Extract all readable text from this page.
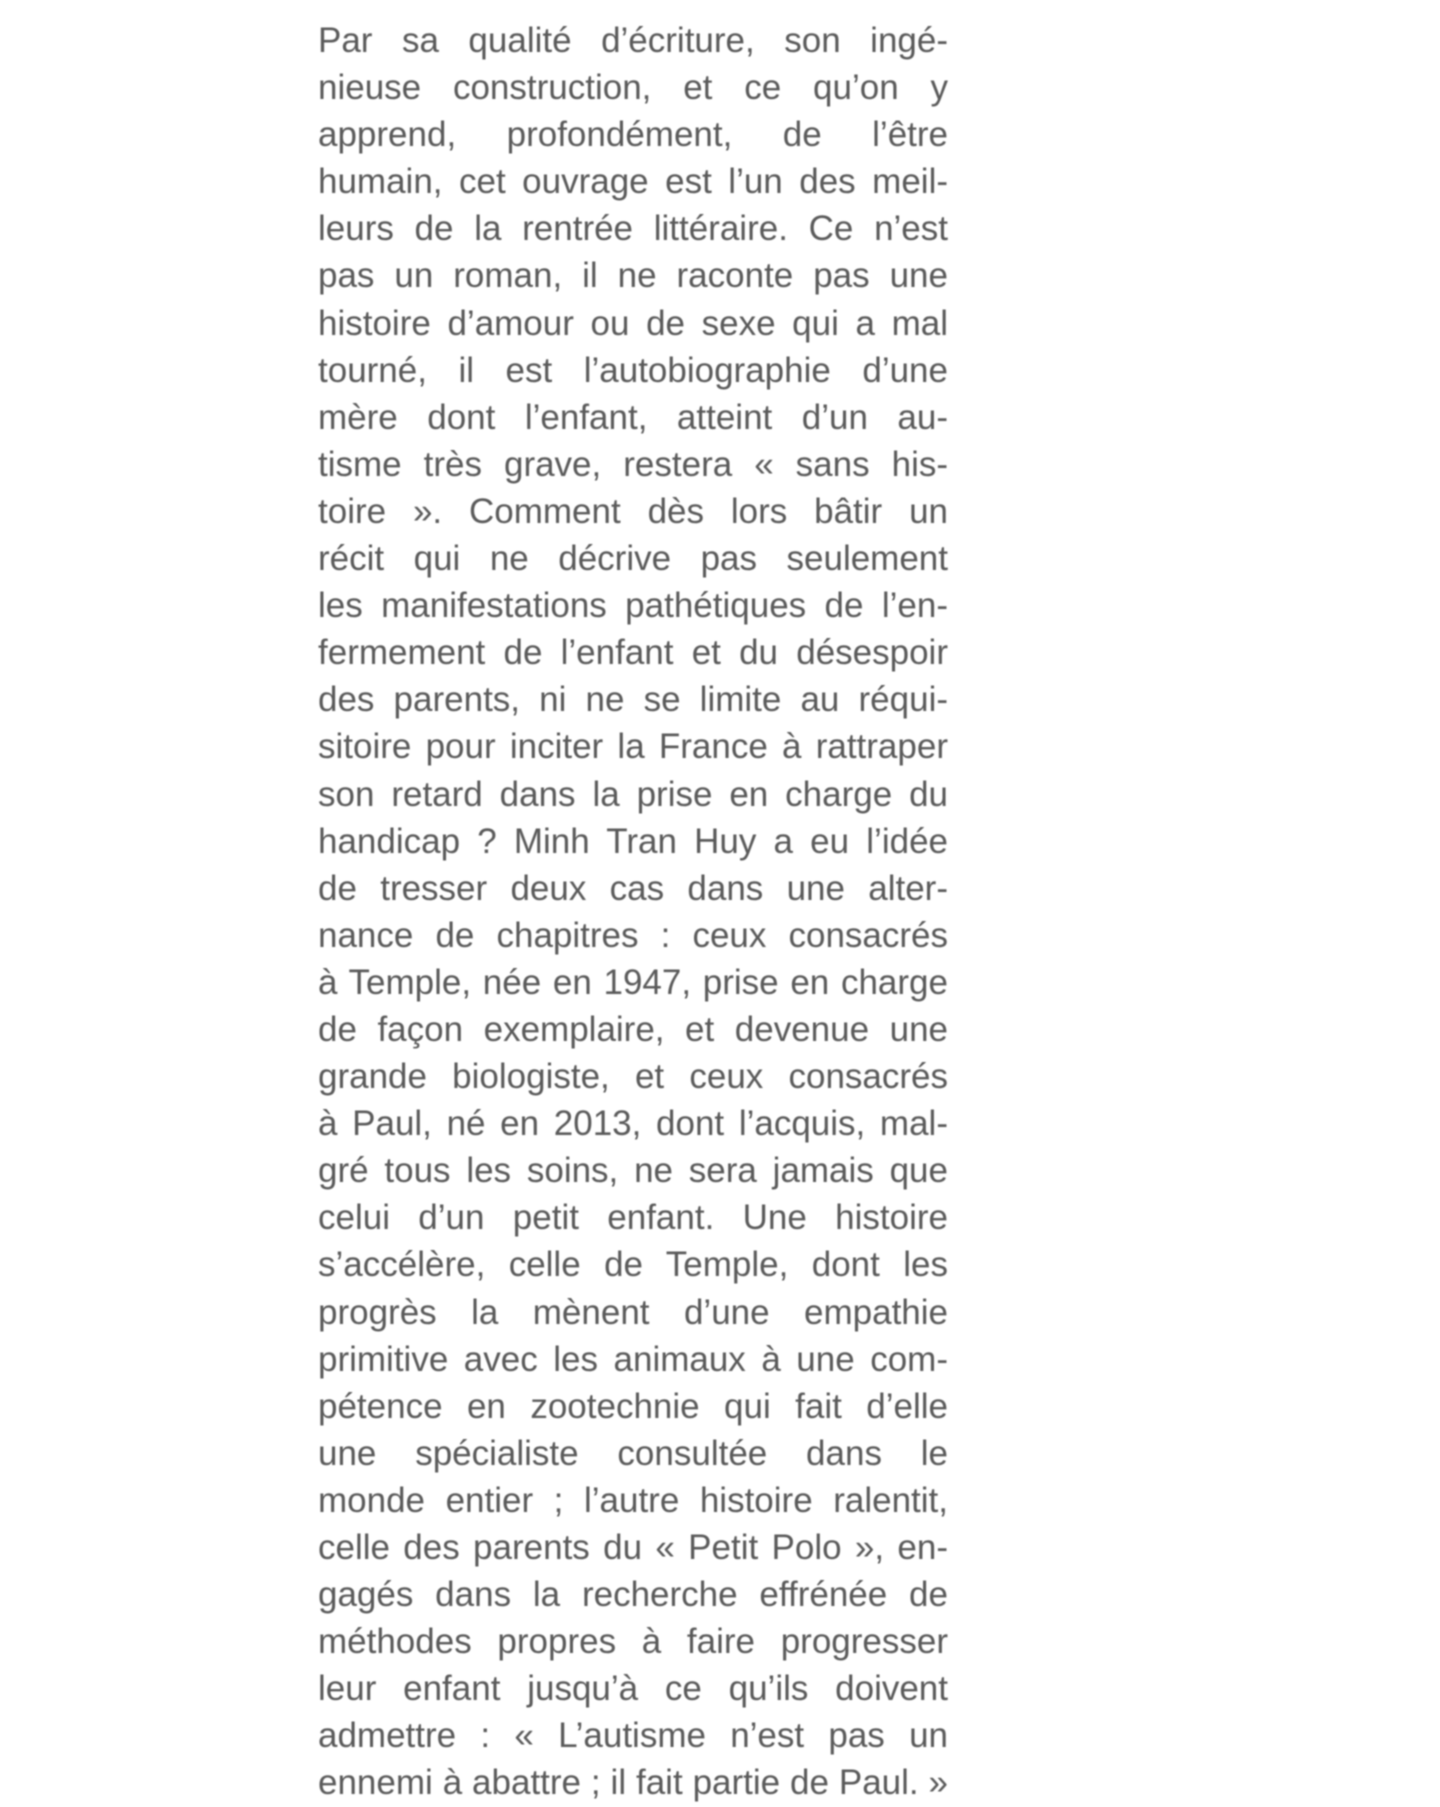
Par sa qualité d’écriture, son ingé-
nieuse construction, et ce qu’on y
apprend, profondément, de l’être
humain, cet ouvrage est l’un des meil-
leurs de la rentrée littéraire. Ce n’est
pas un roman, il ne raconte pas une
histoire d’amour ou de sexe qui a mal
tourné, il est l’autobiographie d’une
mère dont l’enfant, atteint d’un au-
tisme très grave, restera « sans his-
toire ». Comment dès lors bâtir un
récit qui ne décrive pas seulement
les manifestations pathétiques de l’en-
fermement de l’enfant et du désespoir
des parents, ni ne se limite au réqui-
sitoire pour inciter la France à rattraper
son retard dans la prise en charge du
handicap ? Minh Tran Huy a eu l’idée
de tresser deux cas dans une alter-
nance de chapitres : ceux consacrés
à Temple, née en 1947, prise en charge
de façon exemplaire, et devenue une
grande biologiste, et ceux consacrés
à Paul, né en 2013, dont l’acquis, mal-
gré tous les soins, ne sera jamais que
celui d’un petit enfant. Une histoire
s’accélère, celle de Temple, dont les
progrès la mènent d’une empathie
primitive avec les animaux à une com-
pétence en zootechnie qui fait d’elle
une spécialiste consultée dans le
monde entier ; l’autre histoire ralentit,
celle des parents du « Petit Polo », en-
gagés dans la recherche effrénée de
méthodes propres à faire progresser
leur enfant jusqu’à ce qu’ils doivent
admettre : « L’autisme n’est pas un
ennemi à abattre ; il fait partie de Paul. »
